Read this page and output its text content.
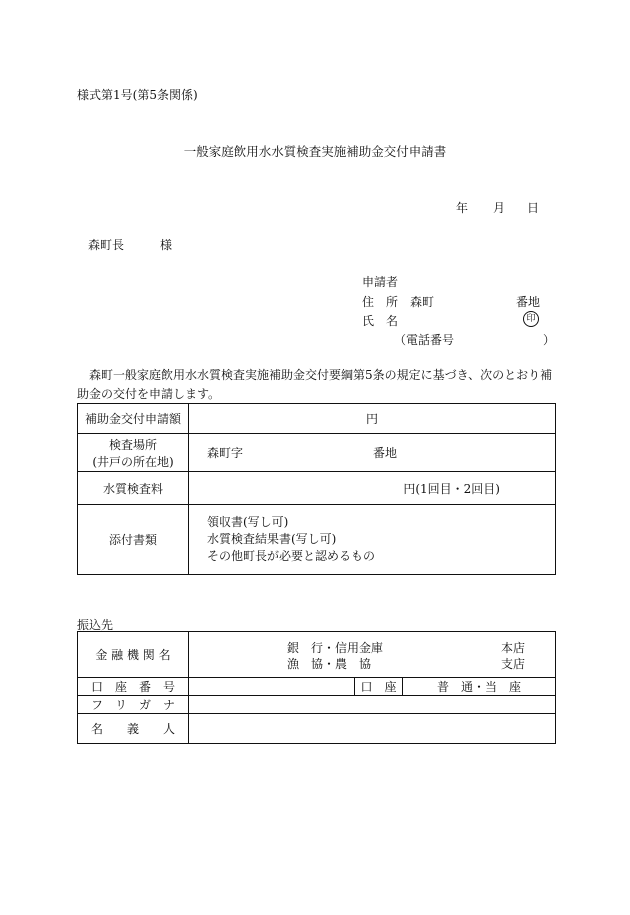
様式第1号(第5条関係)
一般家庭飲用水水質検査実施補助金交付申請書
年 月 日
森町長	様
申請者
住　所 森町	番地
氏　名	印
（電話番号	）
森町一般家庭飲用水水質検査実施補助金交付要綱第5条の規定に基づき、次のとおり補助金の交付を申請します。
補助金交付申請額	円

検査場所
(井戸の所在地)	森町字 番地
水質検査料	円(1回目・2回目)
添付書類	領収書(写し可)
水質検査結果書(写し可)
その他町長が必要と認めるもの
振込先
金 融 機 関 名	銀　行・信用金庫
漁　協・農　協
本店
支店		

口　座　番　号		口　座	普　通・当　座
フ　リ　ガ　ナ			
名　　義　　人			
